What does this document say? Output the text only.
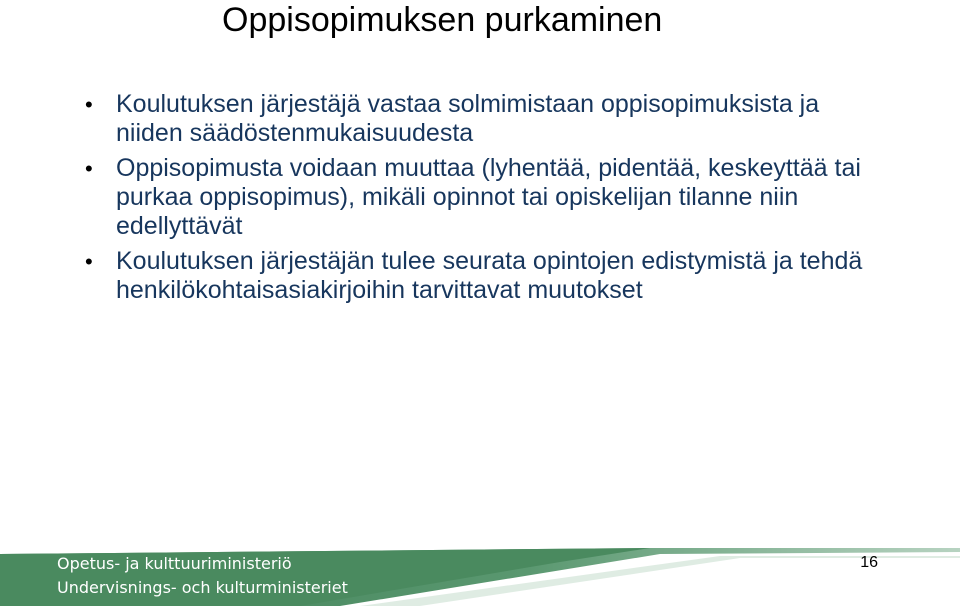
Oppisopimuksen purkaminen
• Koulutuksen järjestäjä vastaa solmimistaan oppisopimuksista ja niiden säädöstenmukaisuudesta
• Oppisopimusta voidaan muuttaa (lyhentää, pidentää, keskeyttää tai purkaa oppisopimus), mikäli opinnot tai opiskelijan tilanne niin edellyttävät
• Koulutuksen järjestäjän tulee seurata opintojen edistymistä ja tehdä henkilökohtaisasiakirjoihin tarvittavat muutokset
Opetus- ja kulttuuriministeriö
Undervisnings- och kulturministeriet
16
